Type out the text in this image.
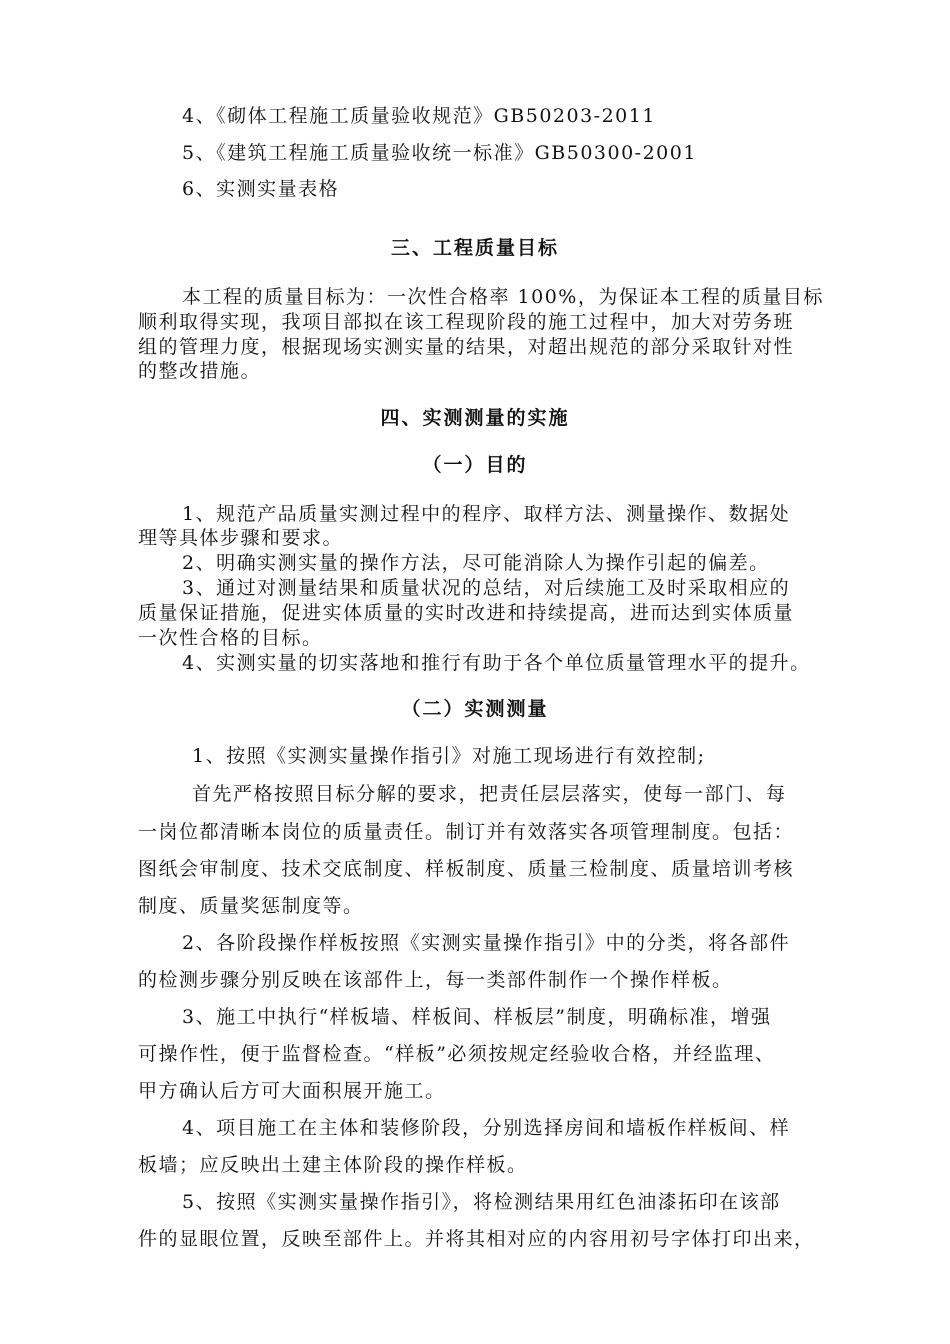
4、《砌体工程施工质量验收规范》GB50203-2011
5、《建筑工程施工质量验收统一标准》GB50300-2001
6、实测实量表格
三、工程质量目标
本工程的质量目标为：一次性合格率 100%，为保证本工程的质量目标
顺利取得实现，我项目部拟在该工程现阶段的施工过程中，加大对劳务班
组的管理力度，根据现场实测实量的结果，对超出规范的部分采取针对性
的整改措施。
四、实测测量的实施
（一）目的
1、规范产品质量实测过程中的程序、取样方法、测量操作、数据处
理等具体步骤和要求。
2、明确实测实量的操作方法，尽可能消除人为操作引起的偏差。
3、通过对测量结果和质量状况的总结，对后续施工及时采取相应的
质量保证措施，促进实体质量的实时改进和持续提高，进而达到实体质量
一次性合格的目标。
4、实测实量的切实落地和推行有助于各个单位质量管理水平的提升。
（二）实测测量
1、按照《实测实量操作指引》对施工现场进行有效控制;
首先严格按照目标分解的要求，把责任层层落实，使每一部门、每
一岗位都清晰本岗位的质量责任。制订并有效落实各项管理制度。包括：
图纸会审制度、技术交底制度、样板制度、质量三检制度、质量培训考核
制度、质量奖惩制度等。
2、各阶段操作样板按照《实测实量操作指引》中的分类，将各部件
的检测步骤分别反映在该部件上，每一类部件制作一个操作样板。
3、施工中执行“样板墙、样板间、样板层”制度，明确标准，增强
可操作性，便于监督检查。“样板”必须按规定经验收合格，并经监理、
甲方确认后方可大面积展开施工。
4、项目施工在主体和装修阶段，分别选择房间和墙板作样板间、样
板墙；应反映出土建主体阶段的操作样板。
5、按照《实测实量操作指引》，将检测结果用红色油漆拓印在该部
件的显眼位置，反映至部件上。并将其相对应的内容用初号字体打印出来，
